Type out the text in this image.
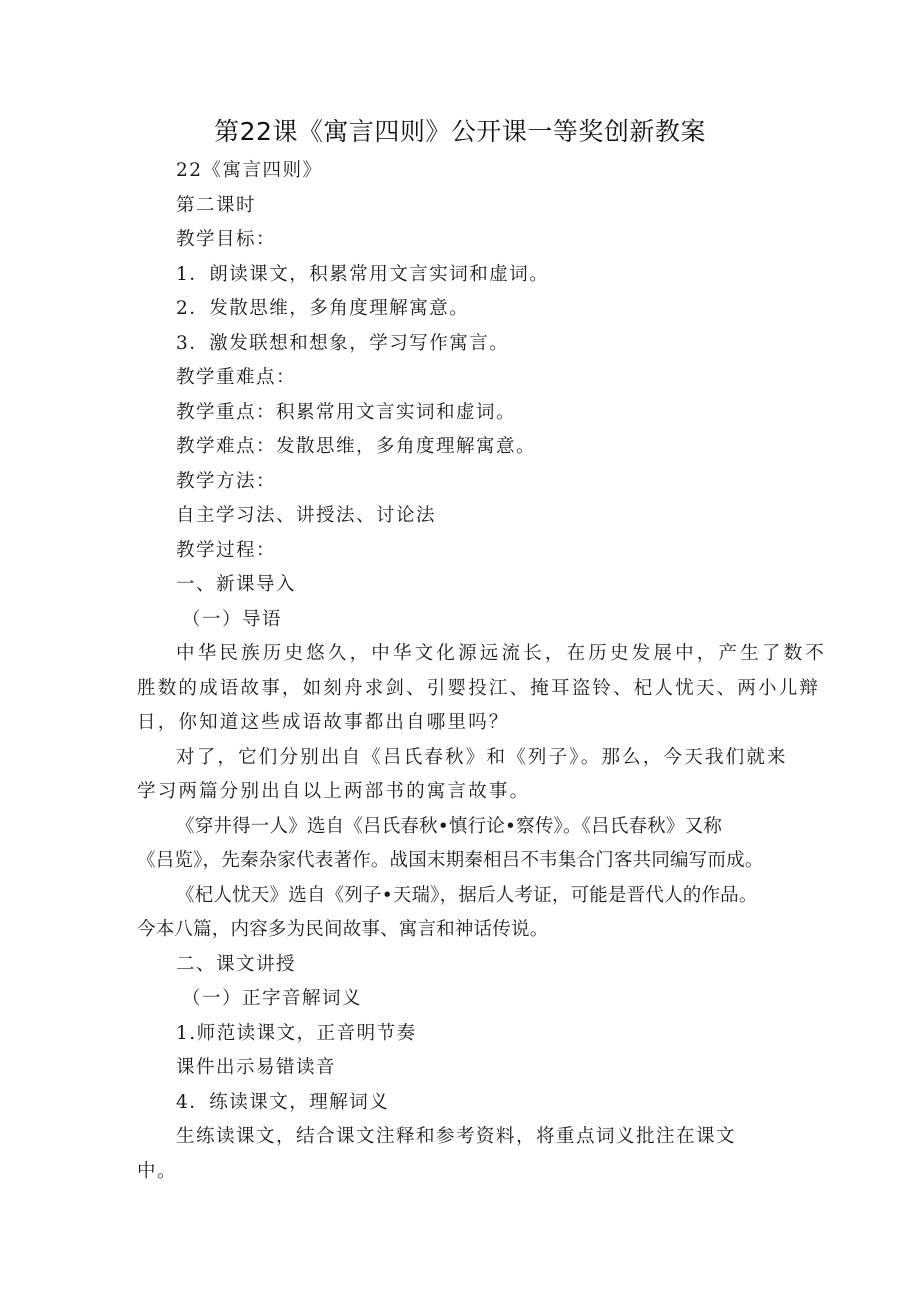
第22课《寓言四则》公开课一等奖创新教案
22《寓言四则》
第二课时
教学目标：
1．朗读课文，积累常用文言实词和虚词。
2．发散思维，多角度理解寓意。
3．激发联想和想象，学习写作寓言。
教学重难点：
教学重点：积累常用文言实词和虚词。
教学难点：发散思维，多角度理解寓意。
教学方法：
自主学习法、讲授法、讨论法
教学过程：
一、新课导入
（一）导语
中华民族历史悠久，中华文化源远流长，在历史发展中，产生了数不
胜数的成语故事，如刻舟求剑、引婴投江、掩耳盗铃、杞人忧天、两小儿辩
日，你知道这些成语故事都出自哪里吗？
对了，它们分别出自《吕氏春秋》和《列子》。那么，今天我们就来
学习两篇分别出自以上两部书的寓言故事。
《穿井得一人》选自《吕氏春秋•慎行论•察传》。《吕氏春秋》又称
《吕览》，先秦杂家代表著作。战国末期秦相吕不韦集合门客共同编写而成。
《杞人忧天》选自《列子•天瑞》，据后人考证，可能是晋代人的作品。
今本八篇，内容多为民间故事、寓言和神话传说。
二、课文讲授
（一）正字音解词义
1.师范读课文，正音明节奏
课件出示易错读音
4．练读课文，理解词义
生练读课文，结合课文注释和参考资料，将重点词义批注在课文
中。
